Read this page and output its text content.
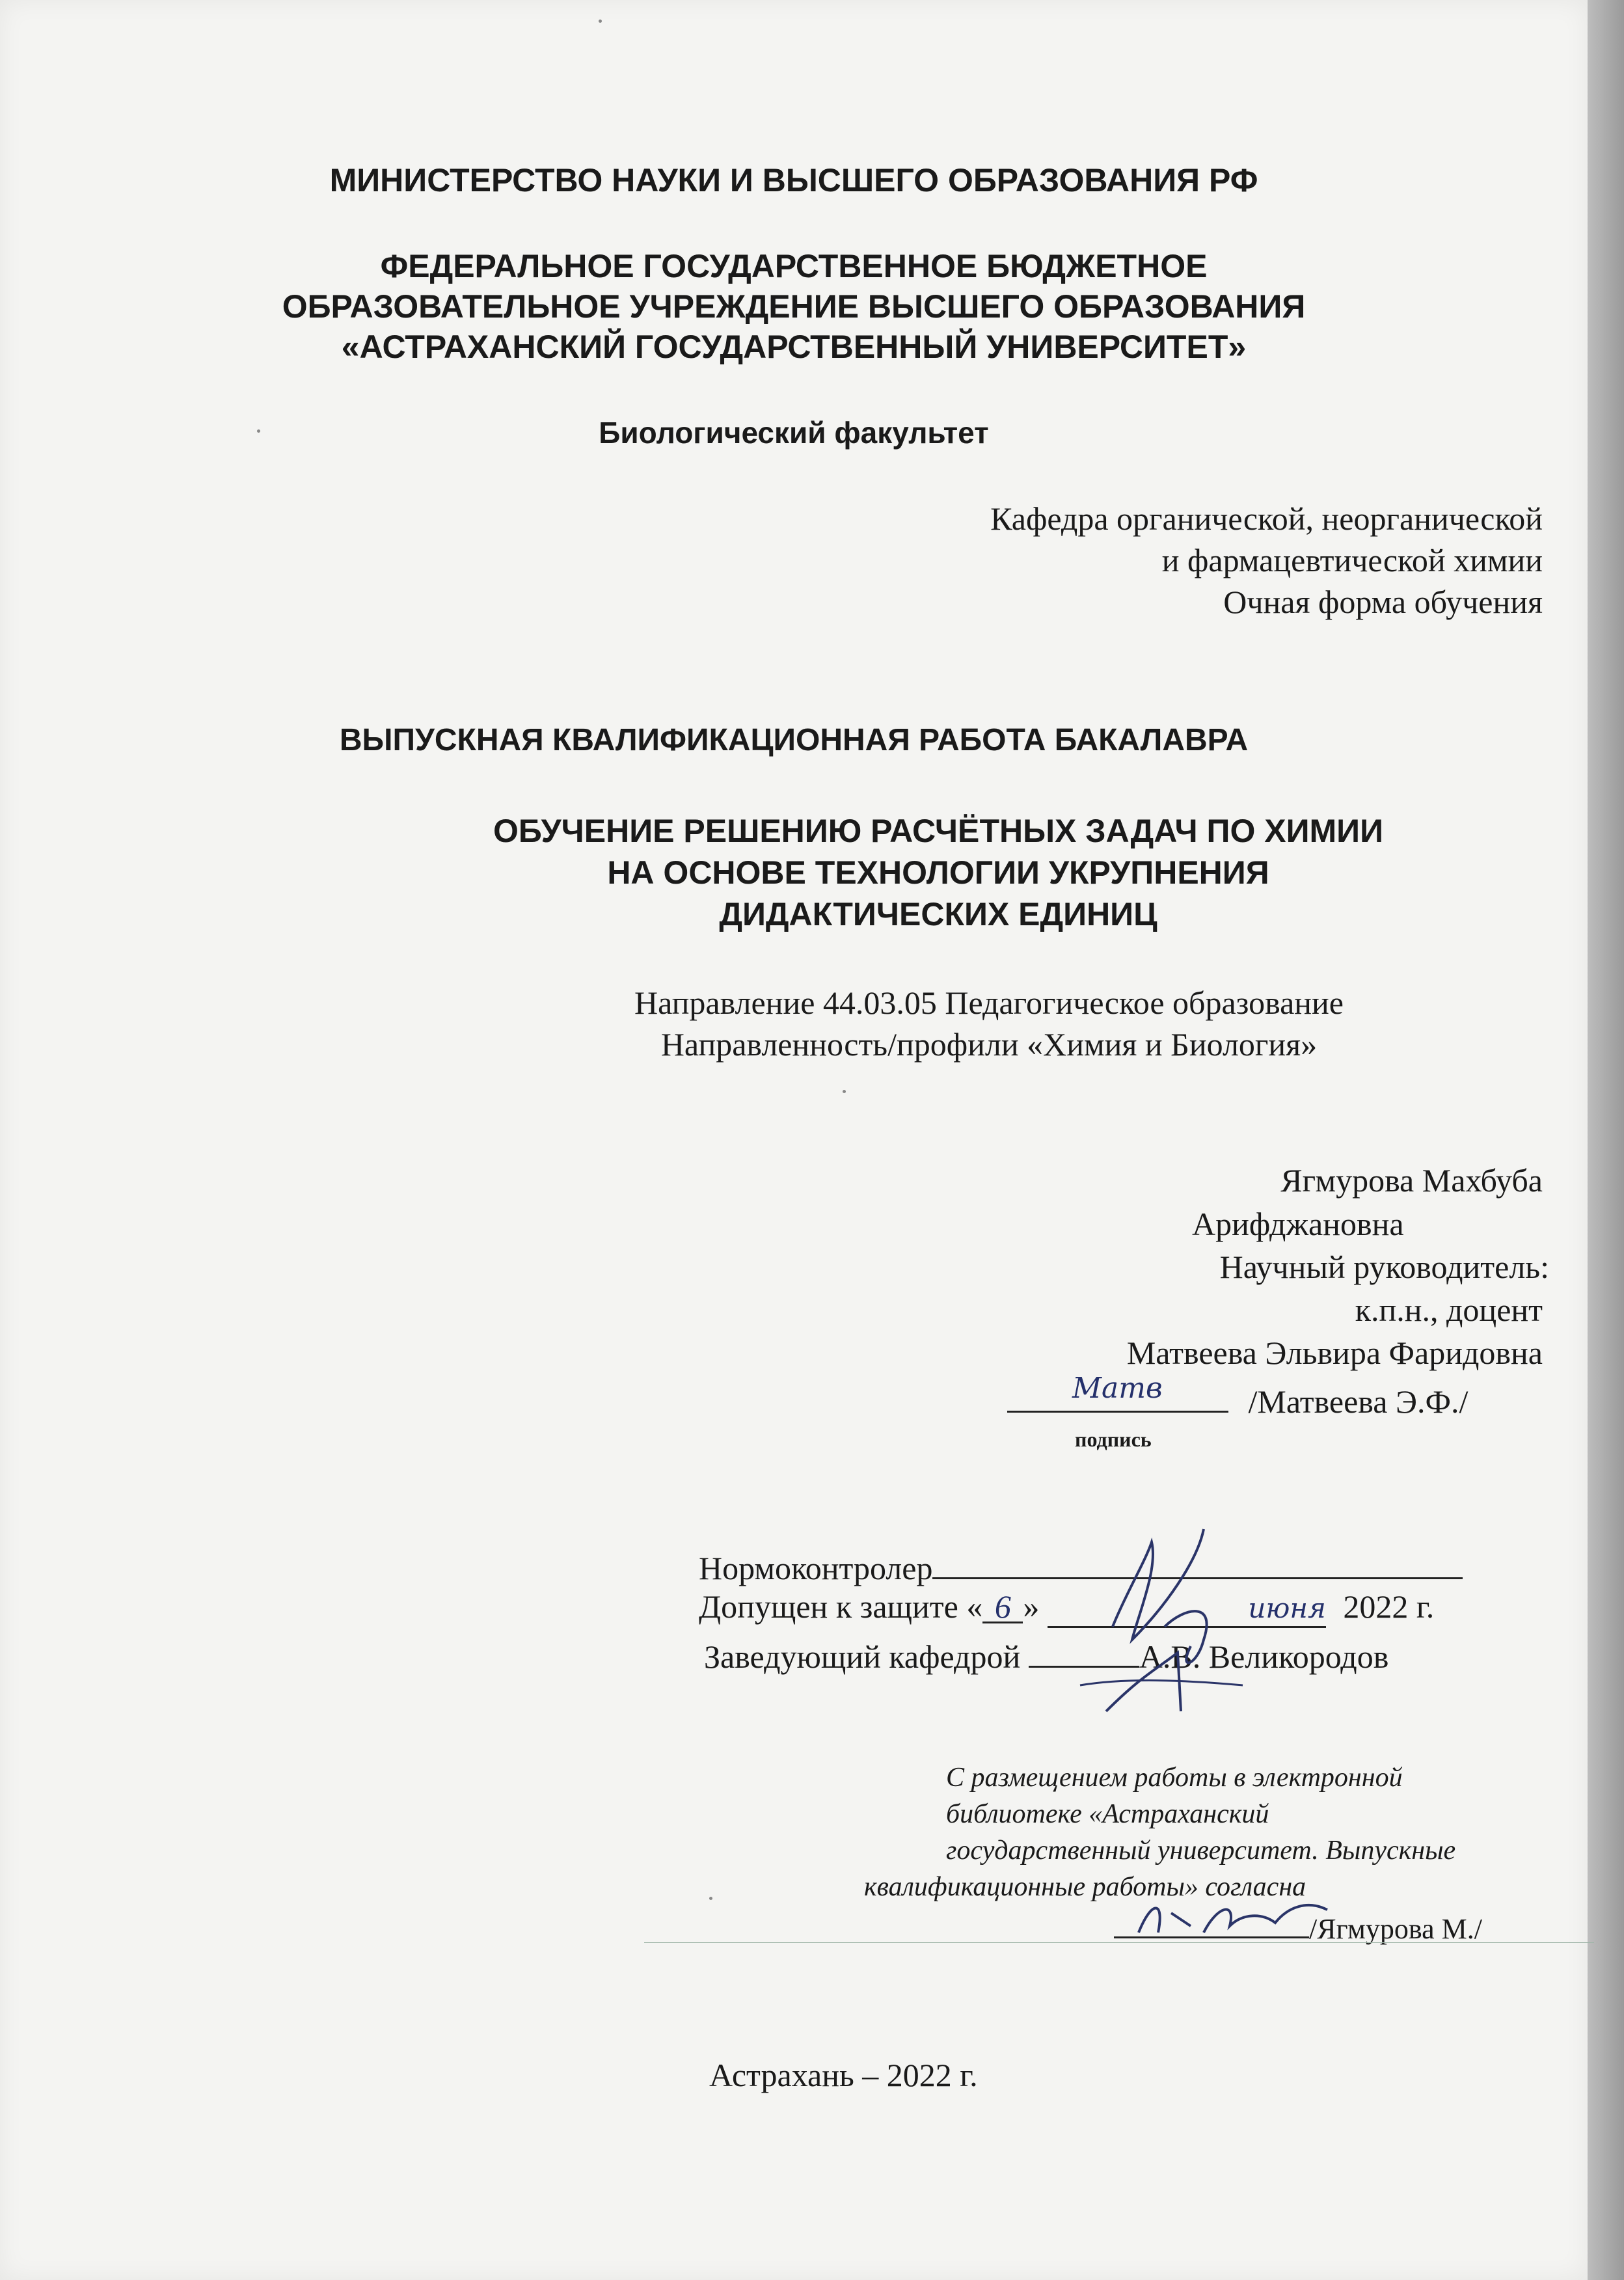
МИНИСТЕРСТВО НАУКИ И ВЫСШЕГО ОБРАЗОВАНИЯ РФ
ФЕДЕРАЛЬНОЕ ГОСУДАРСТВЕННОЕ БЮДЖЕТНОЕ
ОБРАЗОВАТЕЛЬНОЕ УЧРЕЖДЕНИЕ ВЫСШЕГО ОБРАЗОВАНИЯ
«АСТРАХАНСКИЙ ГОСУДАРСТВЕННЫЙ УНИВЕРСИТЕТ»
Биологический факультет
Кафедра органической, неорганической
и фармацевтической химии
Очная форма обучения
ВЫПУСКНАЯ КВАЛИФИКАЦИОННАЯ РАБОТА БАКАЛАВРА
ОБУЧЕНИЕ РЕШЕНИЮ РАСЧЁТНЫХ ЗАДАЧ ПО ХИМИИ
НА ОСНОВЕ ТЕХНОЛОГИИ УКРУПНЕНИЯ
ДИДАКТИЧЕСКИХ ЕДИНИЦ
Направление 44.03.05 Педагогическое образование
Направленность/профили «Химия и Биология»
Ягмурова Махбуба
Арифджановна
Научный руководитель:
к.п.н., доцент
Матвеева Эльвира Фаридовна
Матв	/Матвеева Э.Ф./
подпись
Нормоконтролер
Допущен к защите « 6 »	июня 2022 г.
Заведующий кафедрой	А.В. Великородов
С размещением работы в электронной
библиотеке «Астраханский
государственный университет. Выпускные
квалификационные работы» согласна
/Ягмурова М./
Астрахань – 2022 г.
